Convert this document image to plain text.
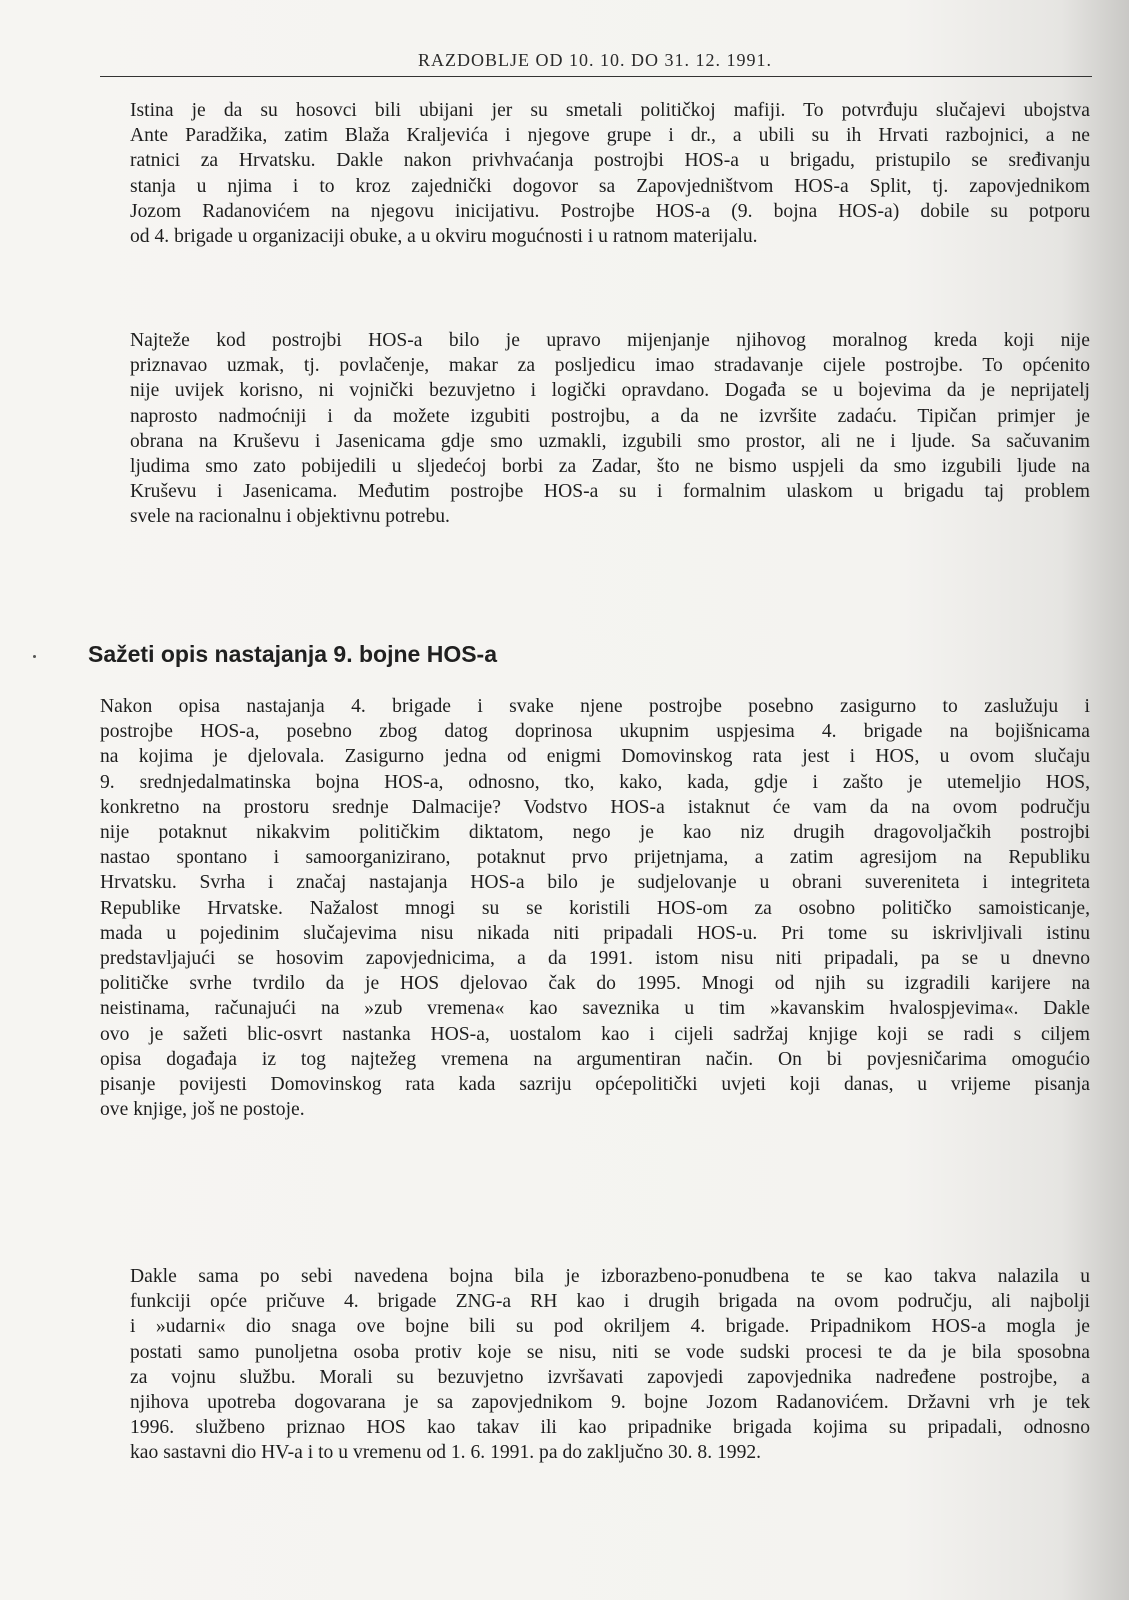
RAZDOBLJE OD 10. 10. DO 31. 12. 1991.
Istina je da su hosovci bili ubijani jer su smetali političkoj mafiji. To potvrđuju slučajevi ubojstva
Ante Paradžika, zatim Blaža Kraljevića i njegove grupe i dr., a ubili su ih Hrvati razbojnici, a ne
ratnici za Hrvatsku. Dakle nakon privhvaćanja postrojbi HOS-a u brigadu, pristupilo se sređivanju
stanja u njima i to kroz zajednički dogovor sa Zapovjedništvom HOS-a Split, tj. zapovjednikom
Jozom Radanovićem na njegovu inicijativu. Postrojbe HOS-a (9. bojna HOS-a) dobile su potporu
od 4. brigade u organizaciji obuke, a u okviru mogućnosti i u ratnom materijalu.
Najteže kod postrojbi HOS-a bilo je upravo mijenjanje njihovog moralnog kreda koji nije
priznavao uzmak, tj. povlačenje, makar za posljedicu imao stradavanje cijele postrojbe. To općenito
nije uvijek korisno, ni vojnički bezuvjetno i logički opravdano. Događa se u bojevima da je neprijatelj
naprosto nadmoćniji i da možete izgubiti postrojbu, a da ne izvršite zadaću. Tipičan primjer je
obrana na Kruševu i Jasenicama gdje smo uzmakli, izgubili smo prostor, ali ne i ljude. Sa sačuvanim
ljudima smo zato pobijedili u sljedećoj borbi za Zadar, što ne bismo uspjeli da smo izgubili ljude na
Kruševu i Jasenicama. Međutim postrojbe HOS-a su i formalnim ulaskom u brigadu taj problem
svele na racionalnu i objektivnu potrebu.
Sažeti opis nastajanja 9. bojne HOS-a
Nakon opisa nastajanja 4. brigade i svake njene postrojbe posebno zasigurno to zaslužuju i
postrojbe HOS-a, posebno zbog datog doprinosa ukupnim uspjesima 4. brigade na bojišnicama
na kojima je djelovala. Zasigurno jedna od enigmi Domovinskog rata jest i HOS, u ovom slučaju
9. srednjedalmatinska bojna HOS-a, odnosno, tko, kako, kada, gdje i zašto je utemeljio HOS,
konkretno na prostoru srednje Dalmacije? Vodstvo HOS-a istaknut će vam da na ovom području
nije potaknut nikakvim političkim diktatom, nego je kao niz drugih dragovoljačkih postrojbi
nastao spontano i samoorganizirano, potaknut prvo prijetnjama, a zatim agresijom na Republiku
Hrvatsku. Svrha i značaj nastajanja HOS-a bilo je sudjelovanje u obrani suvereniteta i integriteta
Republike Hrvatske. Nažalost mnogi su se koristili HOS-om za osobno političko samoisticanje,
mada u pojedinim slučajevima nisu nikada niti pripadali HOS-u. Pri tome su iskrivljivali istinu
predstavljajući se hosovim zapovjednicima, a da 1991. istom nisu niti pripadali, pa se u dnevno
političke svrhe tvrdilo da je HOS djelovao čak do 1995. Mnogi od njih su izgradili karijere na
neistinama, računajući na »zub vremena« kao saveznika u tim »kavanskim hvalospjevima«. Dakle
ovo je sažeti blic-osvrt nastanka HOS-a, uostalom kao i cijeli sadržaj knjige koji se radi s ciljem
opisa događaja iz tog najtežeg vremena na argumentiran način. On bi povjesničarima omogućio
pisanje povijesti Domovinskog rata kada sazriju općepolitički uvjeti koji danas, u vrijeme pisanja
ove knjige, još ne postoje.
Dakle sama po sebi navedena bojna bila je izborazbeno-ponudbena te se kao takva nalazila u
funkciji opće pričuve 4. brigade ZNG-a RH kao i drugih brigada na ovom području, ali najbolji
i »udarni« dio snaga ove bojne bili su pod okriljem 4. brigade. Pripadnikom HOS-a mogla je
postati samo punoljetna osoba protiv koje se nisu, niti se vode sudski procesi te da je bila sposobna
za vojnu službu. Morali su bezuvjetno izvršavati zapovjedi zapovjednika nadređene postrojbe, a
njihova upotreba dogovarana je sa zapovjednikom 9. bojne Jozom Radanovićem. Državni vrh je tek
1996. službeno priznao HOS kao takav ili kao pripadnike brigada kojima su pripadali, odnosno
kao sastavni dio HV-a i to u vremenu od 1. 6. 1991. pa do zaključno 30. 8. 1992.
